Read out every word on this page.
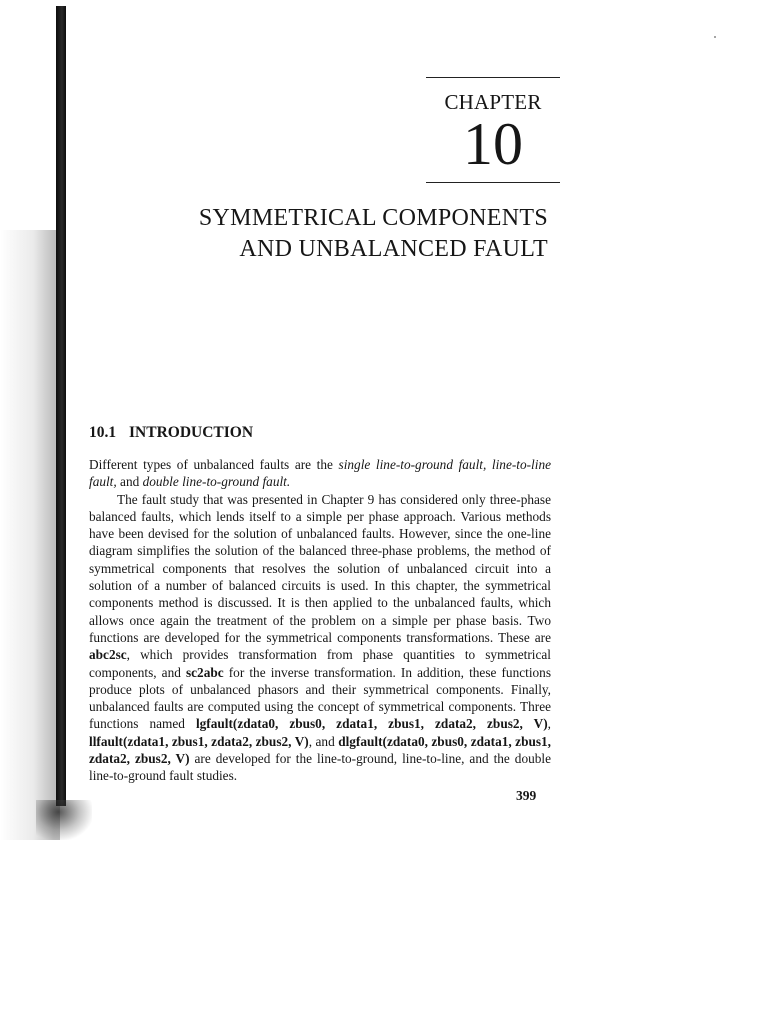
CHAPTER
10
SYMMETRICAL COMPONENTS
AND UNBALANCED FAULT
10.1 INTRODUCTION

Different types of unbalanced faults are the single line-to-ground fault, line-to-line fault, and double line-to-ground fault.

The fault study that was presented in Chapter 9 has considered only three-phase balanced faults, which lends itself to a simple per phase approach. Various methods have been devised for the solution of unbalanced faults. However, since the one-line diagram simplifies the solution of the balanced three-phase problems, the method of symmetrical components that resolves the solution of unbalanced circuit into a solution of a number of balanced circuits is used. In this chapter, the symmetrical components method is discussed. It is then applied to the unbalanced faults, which allows once again the treatment of the problem on a simple per phase basis. Two functions are developed for the symmetrical components transformations. These are abc2sc, which provides transformation from phase quantities to symmetrical components, and sc2abc for the inverse transformation. In addition, these functions produce plots of unbalanced phasors and their symmetrical components. Finally, unbalanced faults are computed using the concept of symmetrical components. Three functions named lgfault(zdata0, zbus0, zdata1, zbus1, zdata2, zbus2, V), llfault(zdata1, zbus1, zdata2, zbus2, V), and dlgfault(zdata0, zbus0, zdata1, zbus1, zdata2, zbus2, V) are developed for the line-to-ground, line-to-line, and the double line-to-ground fault studies.

399
